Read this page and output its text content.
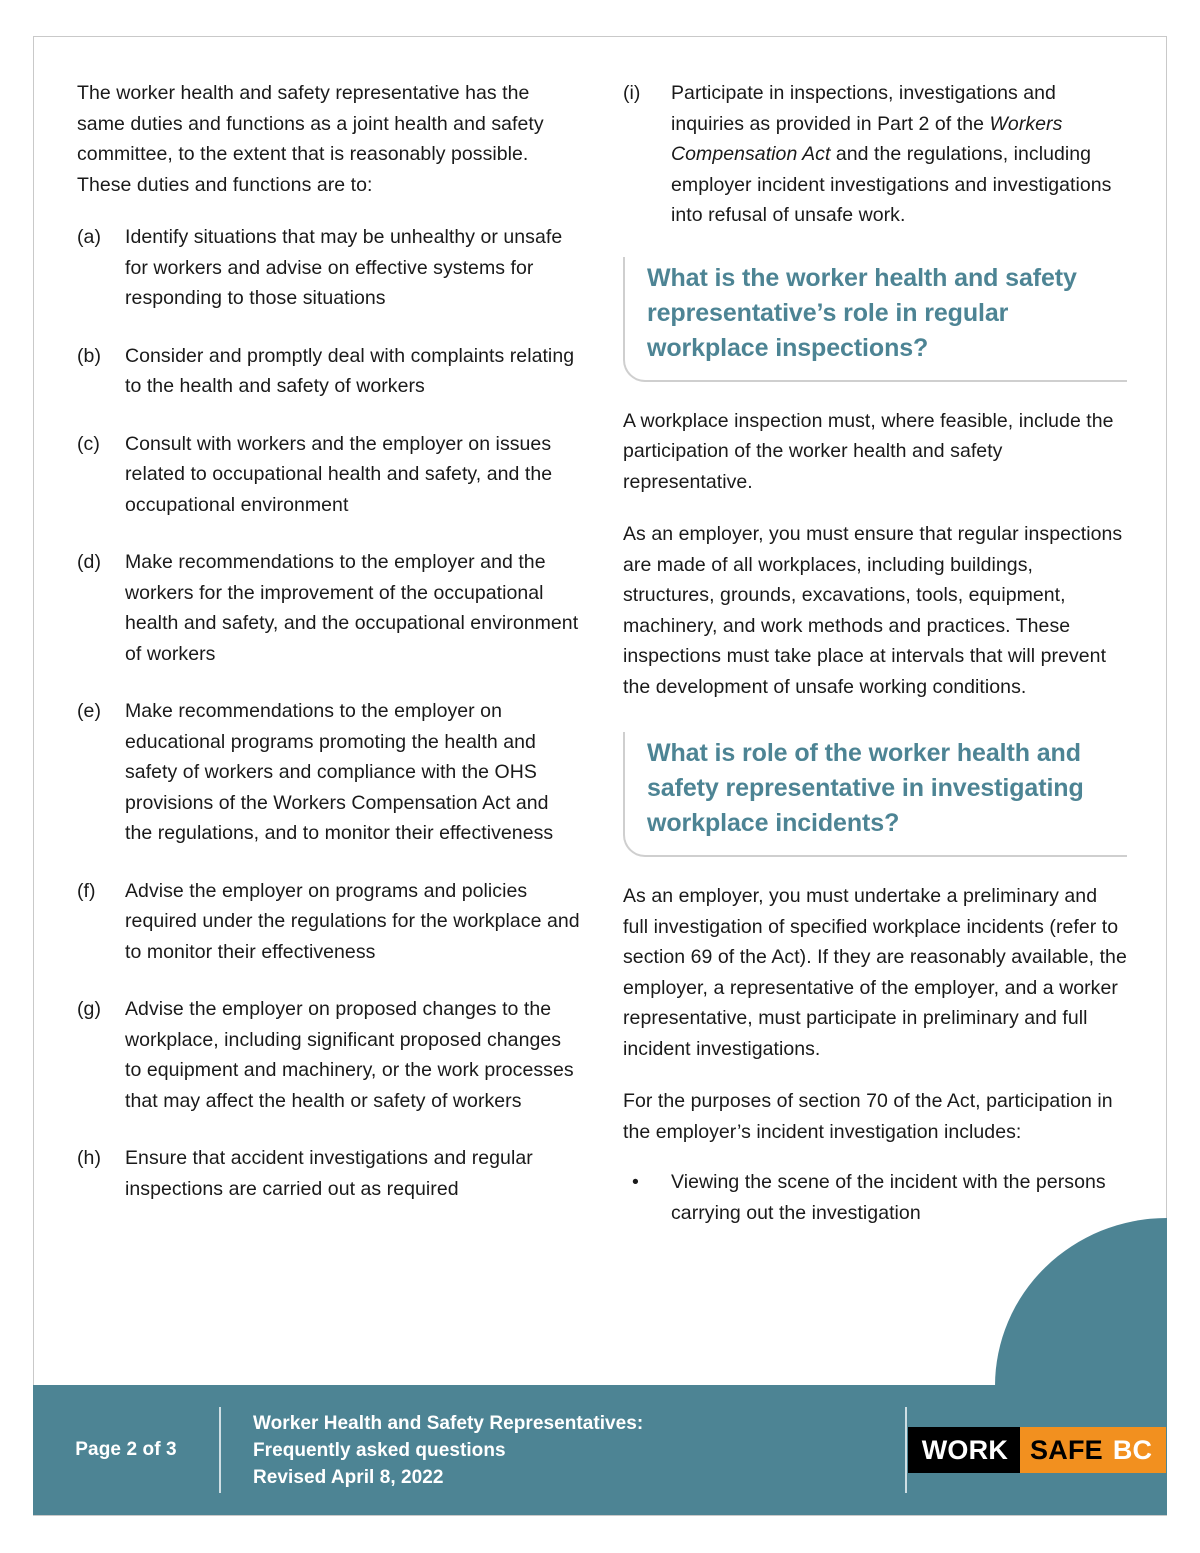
The worker health and safety representative has the same duties and functions as a joint health and safety committee, to the extent that is reasonably possible. These duties and functions are to:

(a)	Identify situations that may be unhealthy or unsafe for workers and advise on effective systems for responding to those situations
(b)	Consider and promptly deal with complaints relating to the health and safety of workers
(c)	Consult with workers and the employer on issues related to occupational health and safety, and the occupational environment
(d)	Make recommendations to the employer and the workers for the improvement of the occupational health and safety, and the occupational environment of workers
(e)	Make recommendations to the employer on educational programs promoting the health and safety of workers and compliance with the OHS provisions of the Workers Compensation Act and the regulations, and to monitor their effectiveness
(f)	Advise the employer on programs and policies required under the regulations for the workplace and to monitor their effectiveness
(g)	Advise the employer on proposed changes to the workplace, including significant proposed changes to equipment and machinery, or the work processes that may affect the health or safety of workers
(h)	Ensure that accident investigations and regular inspections are carried out as required
(i)	Participate in inspections, investigations and inquiries as provided in Part 2 of the Workers Compensation Act and the regulations, including employer incident investigations and investigations into refusal of unsafe work.
What is the worker health and safety representative’s role in regular workplace inspections?

A workplace inspection must, where feasible, include the participation of the worker health and safety representative.

As an employer, you must ensure that regular inspections are made of all workplaces, including buildings, structures, grounds, excavations, tools, equipment, machinery, and work methods and practices. These inspections must take place at intervals that will prevent the development of unsafe working conditions.

What is role of the worker health and safety representative in investigating workplace incidents?

As an employer, you must undertake a preliminary and full investigation of specified workplace incidents (refer to section 69 of the Act). If they are reasonably available, the employer, a representative of the employer, and a worker representative, must participate in preliminary and full incident investigations.

For the purposes of section 70 of the Act, participation in the employer’s incident investigation includes:

• Viewing the scene of the incident with the persons carrying out the investigation
Page 2 of 3
Worker Health and Safety Representatives:
Frequently asked questions
Revised April 8, 2022
WORK SAFE BC
